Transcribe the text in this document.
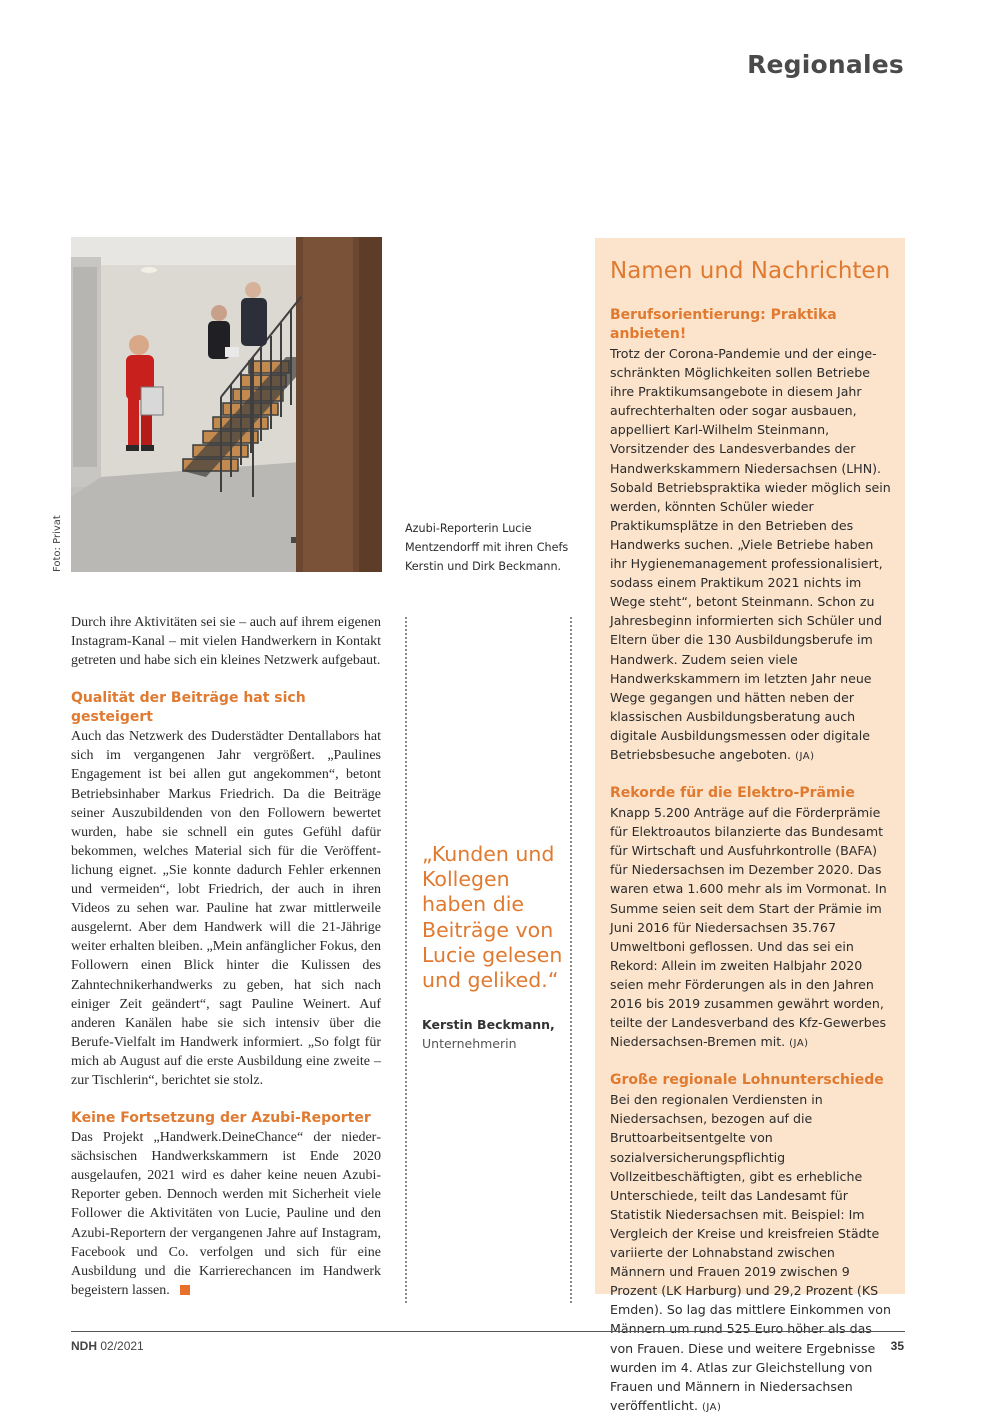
Regionales
Foto: Privat	Azubi-Reporterin Lucie Mentzendorff mit ihren Chefs Kerstin und Dirk Beckmann.

Durch ihre Aktivitäten sei sie – auch auf ihrem eigenen Instagram-Kanal – mit vielen Handwerkern in Kontakt getreten und habe sich ein kleines Netzwerk aufgebaut.

Qualität der Beiträge hat sich gesteigert

Auch das Netzwerk des Duderstädter Dentallabors hat sich im vergangenen Jahr vergrößert. „Paulines Engagement ist bei allen gut angekommen“, betont Betriebsinhaber Markus Friedrich. Da die Beiträge seiner Auszubildenden von den Followern bewertet wurden, habe sie schnell ein gutes Gefühl dafür bekommen, welches Material sich für die Veröffentlichung eignet. „Sie konnte dadurch Fehler erkennen und vermeiden“, lobt Friedrich, der auch in ihren Videos zu sehen war. Pauline hat zwar mittlerweile ausgelernt. Aber dem Handwerk will die 21-Jährige weiter erhalten bleiben. „Mein anfänglicher Fokus, den Followern einen Blick hinter die Kulissen des Zahntechnikerhandwerks zu geben, hat sich nach einiger Zeit geändert“, sagt Pauline Weinert. Auf anderen Kanälen habe sie sich intensiv über die Berufe-Vielfalt im Handwerk informiert. „So folgt für mich ab August auf die erste Ausbildung eine zweite – zur Tischlerin“, berichtet sie stolz.

Keine Fortsetzung der Azubi-Reporter

Das Projekt „Handwerk.DeineChance“ der niedersächsischen Handwerkskammern ist Ende 2020 ausgelaufen, 2021 wird es daher keine neuen Azubi-Reporter geben. Dennoch werden mit Sicherheit viele Follower die Aktivitäten von Lucie, Pauline und den Azubi-Reportern der vergangenen Jahre auf Instagram, Facebook und Co. verfolgen und sich für eine Ausbildung und die Karrierechancen im Handwerk begeistern lassen.

„Kunden und Kollegen haben die Beiträge von Lucie gelesen und geliked.“
Kerstin Beckmann,
Unternehmerin
Namen und Nachrichten
Berufsorientierung: Praktika anbieten!

Trotz der Corona-Pandemie und der eingeschränkten Möglichkeiten sollen Betriebe ihre Praktikumsangebote in diesem Jahr aufrechterhalten oder sogar ausbauen, appelliert Karl-Wilhelm Steinmann, Vorsitzender des Landesverbandes der Handwerkskammern Niedersachsen (LHN). Sobald Betriebspraktika wieder möglich sein werden, könnten Schüler wieder Praktikumsplätze in den Betrieben des Handwerks suchen. „Viele Betriebe haben ihr Hygienemanagement professionalisiert, sodass einem Praktikum 2021 nichts im Wege steht“, betont Steinmann. Schon zu Jahresbeginn informierten sich Schüler und Eltern über die 130 Ausbildungsberufe im Handwerk. Zudem seien viele Handwerkskammern im letzten Jahr neue Wege gegangen und hätten neben der klassischen Ausbildungsberatung auch digitale Ausbildungsmessen oder digitale Betriebsbesuche angeboten. (JA)

Rekorde für die Elektro-Prämie

Knapp 5.200 Anträge auf die Förderprämie für Elektroautos bilanzierte das Bundesamt für Wirtschaft und Ausfuhrkontrolle (BAFA) für Niedersachsen im Dezember 2020. Das waren etwa 1.600 mehr als im Vormonat. In Summe seien seit dem Start der Prämie im Juni 2016 für Niedersachsen 35.767 Umweltboni geflossen. Und das sei ein Rekord: Allein im zweiten Halbjahr 2020 seien mehr Förderungen als in den Jahren 2016 bis 2019 zusammen gewährt worden, teilte der Landesverband des Kfz-Gewerbes Niedersachsen-Bremen mit. (JA)

Große regionale Lohnunterschiede

Bei den regionalen Verdiensten in Niedersachsen, bezogen auf die Bruttoarbeitsentgelte von sozialversicherungspflichtig Vollzeitbeschäftigten, gibt es erhebliche Unterschiede, teilt das Landesamt für Statistik Niedersachsen mit. Beispiel: Im Vergleich der Kreise und kreisfreien Städte variierte der Lohnabstand zwischen Männern und Frauen 2019 zwischen 9 Prozent (LK Harburg) und 29,2 Prozent (KS Emden). So lag das mittlere Einkommen von Männern um rund 525 Euro höher als das von Frauen. Diese und weitere Ergebnisse wurden im 4. Atlas zur Gleichstellung von Frauen und Männern in Niedersachsen veröffentlicht. (JA)

NDH 02/2021	35
